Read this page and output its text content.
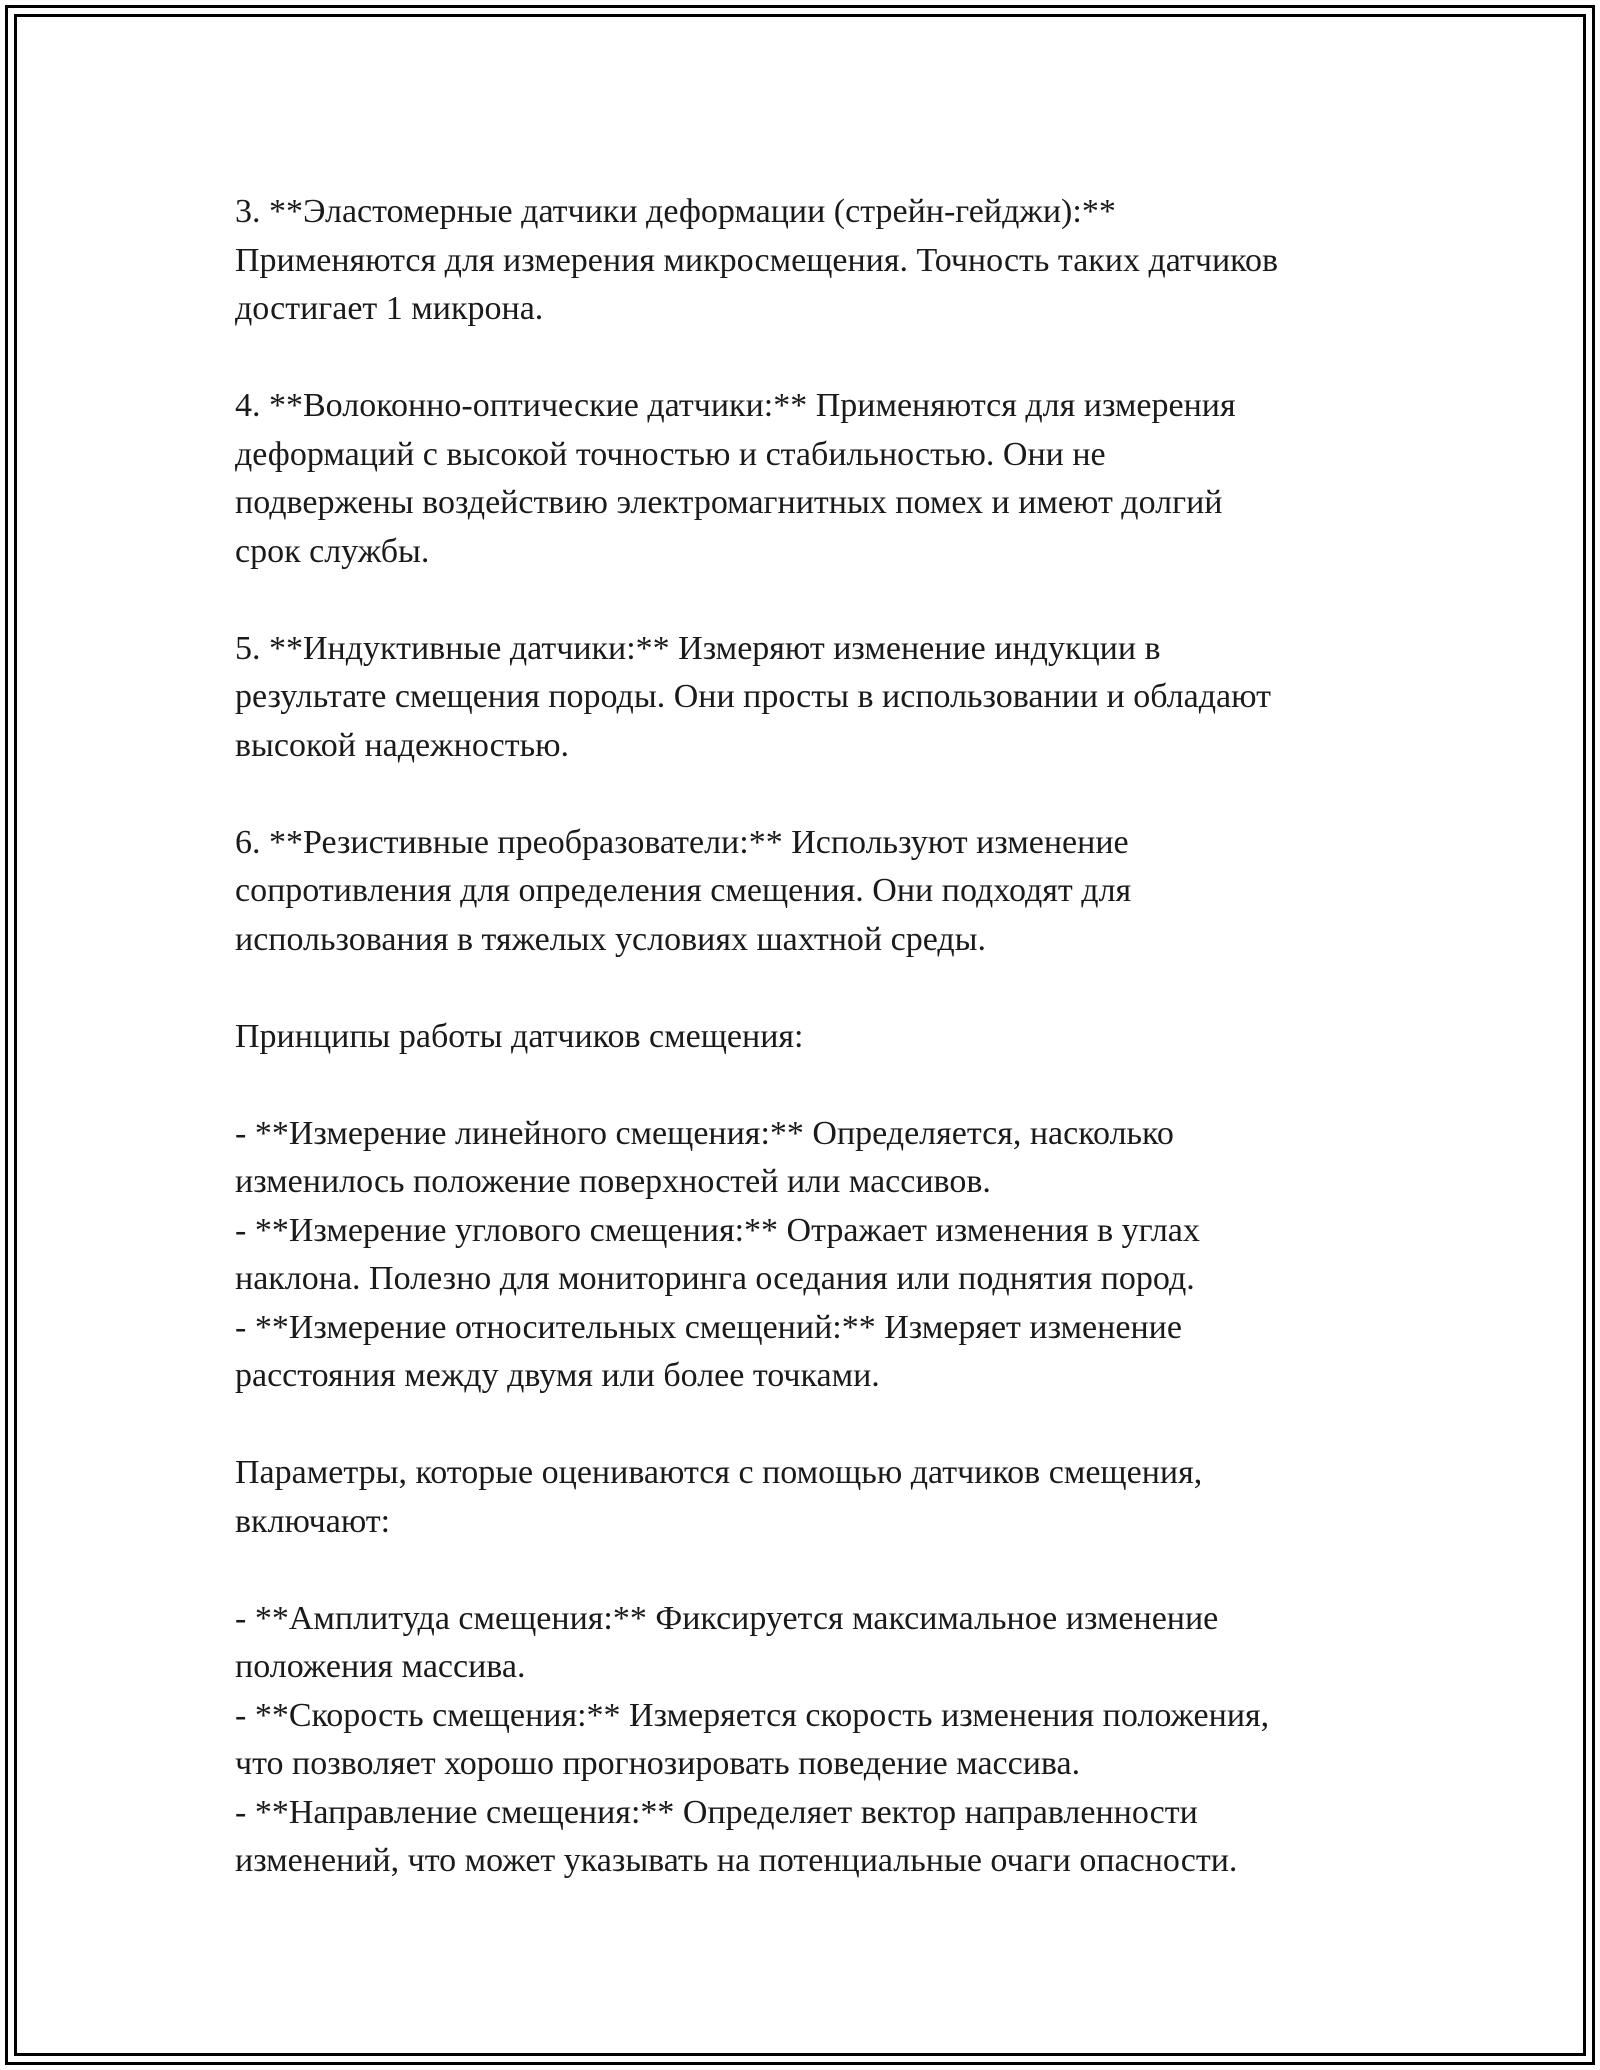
3. **Эластомерные датчики деформации (стрейн-гейджи):**
Применяются для измерения микросмещения. Точность таких датчиков
достигает 1 микрона.

4. **Волоконно-оптические датчики:** Применяются для измерения
деформаций с высокой точностью и стабильностью. Они не
подвержены воздействию электромагнитных помех и имеют долгий
срок службы.

5. **Индуктивные датчики:** Измеряют изменение индукции в
результате смещения породы. Они просты в использовании и обладают
высокой надежностью.

6. **Резистивные преобразователи:** Используют изменение
сопротивления для определения смещения. Они подходят для
использования в тяжелых условиях шахтной среды.

Принципы работы датчиков смещения:

- **Измерение линейного смещения:** Определяется, насколько
изменилось положение поверхностей или массивов.
- **Измерение углового смещения:** Отражает изменения в углах
наклона. Полезно для мониторинга оседания или поднятия пород.
- **Измерение относительных смещений:** Измеряет изменение
расстояния между двумя или более точками.

Параметры, которые оцениваются с помощью датчиков смещения,
включают:

- **Амплитуда смещения:** Фиксируется максимальное изменение
положения массива.
- **Скорость смещения:** Измеряется скорость изменения положения,
что позволяет хорошо прогнозировать поведение массива.
- **Направление смещения:** Определяет вектор направленности
изменений, что может указывать на потенциальные очаги опасности.
